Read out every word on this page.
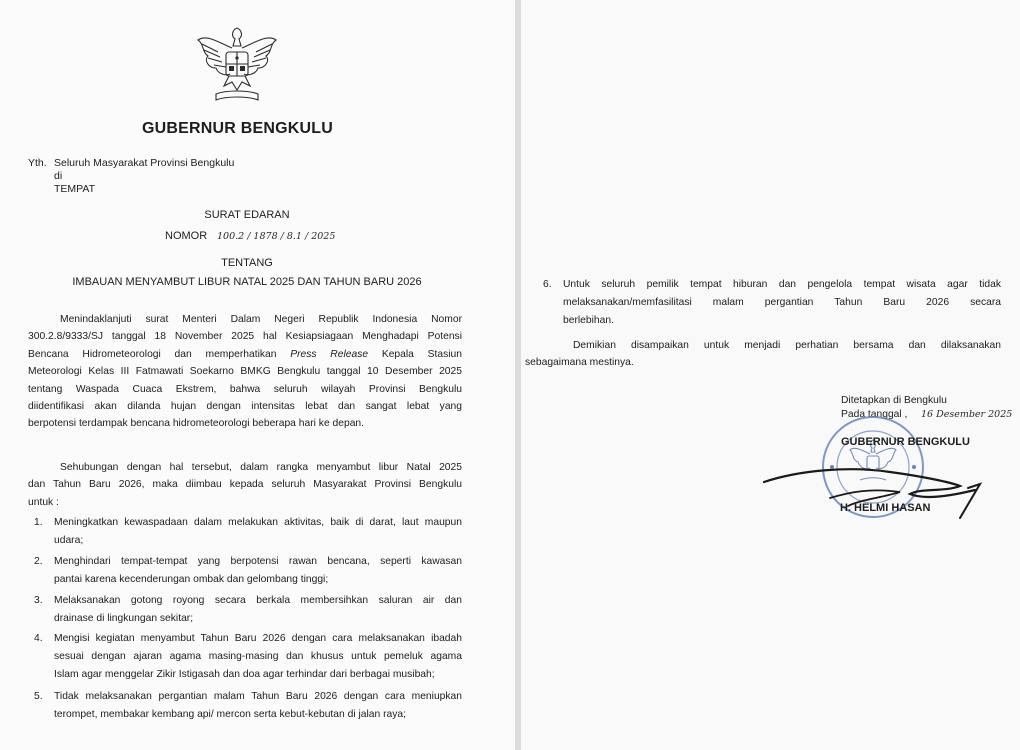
GUBERNUR BENGKULU
Yth. Seluruh Masyarakat Provinsi Bengkulu
di
TEMPAT
SURAT EDARAN
NOMOR 100.2 / 1878 / 8.1 / 2025
TENTANG
IMBAUAN MENYAMBUT LIBUR NATAL 2025 DAN TAHUN BARU 2026
Menindaklanjuti surat Menteri Dalam Negeri Republik Indonesia Nomor
300.2.8/9333/SJ tanggal 18 November 2025 hal Kesiapsiagaan Menghadapi Potensi
Bencana Hidrometeorologi dan memperhatikan Press Release Kepala Stasiun
Meteorologi Kelas III Fatmawati Soekarno BMKG Bengkulu tanggal 10 Desember 2025
tentang Waspada Cuaca Ekstrem, bahwa seluruh wilayah Provinsi Bengkulu
diidentifikasi akan dilanda hujan dengan intensitas lebat dan sangat lebat yang
berpotensi terdampak bencana hidrometeorologi beberapa hari ke depan.
Sehubungan dengan hal tersebut, dalam rangka menyambut libur Natal 2025
dan Tahun Baru 2026, maka diimbau kepada seluruh Masyarakat Provinsi Bengkulu
untuk :
1.	Meningkatkan kewaspadaan dalam melakukan aktivitas, baik di darat, laut maupun
udara;
2.	Menghindari tempat-tempat yang berpotensi rawan bencana, seperti kawasan
pantai karena kecenderungan ombak dan gelombang tinggi;
3.	Melaksanakan gotong royong secara berkala membersihkan saluran air dan
drainase di lingkungan sekitar;
4.	Mengisi kegiatan menyambut Tahun Baru 2026 dengan cara melaksanakan ibadah
sesuai dengan ajaran agama masing-masing dan khusus untuk pemeluk agama
Islam agar menggelar Zikir Istigasah dan doa agar terhindar dari berbagai musibah;
5.	Tidak melaksanakan pergantian malam Tahun Baru 2026 dengan cara meniupkan
terompet, membakar kembang api/ mercon serta kebut-kebutan di jalan raya;
6.	Untuk seluruh pemilik tempat hiburan dan pengelola tempat wisata agar tidak
melaksanakan/memfasilitasi malam pergantian Tahun Baru 2026 secara
berlebihan.
Demikian disampaikan untuk menjadi perhatian bersama dan dilaksanakan
sebagaimana mestinya.
Ditetapkan di Bengkulu
Pada tanggal , 16 Desember 2025
GUBERNUR BENGKULU
H. HELMI HASAN
